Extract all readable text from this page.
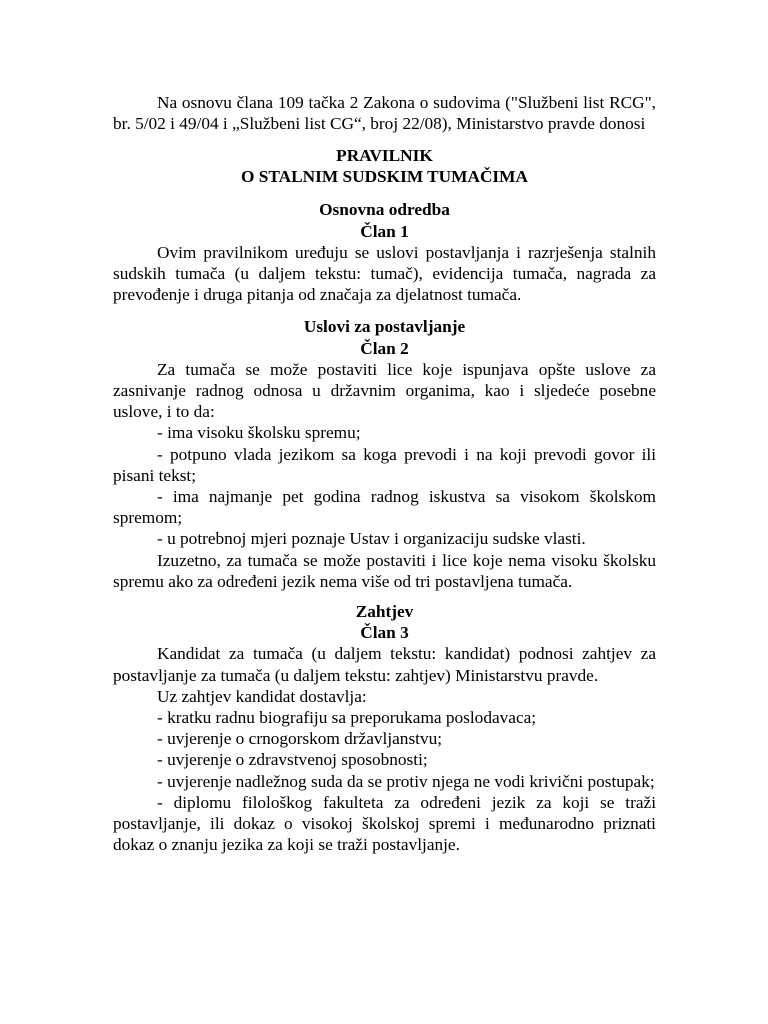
Na osnovu člana 109 tačka 2 Zakona o sudovima ("Službeni list RCG", br. 5/02 i 49/04 i „Službeni list CG“, broj 22/08), Ministarstvo pravde donosi

PRAVILNIK

O STALNIM SUDSKIM TUMAČIMA

Osnovna odredba

Član 1

Ovim pravilnikom uređuju se uslovi postavljanja i razrješenja stalnih sudskih tumača (u daljem tekstu: tumač), evidencija tumača, nagrada za prevođenje i druga pitanja od značaja za djelatnost tumača.

Uslovi za postavljanje

Član 2

Za tumača se može postaviti lice koje ispunjava opšte uslove za zasnivanje radnog odnosa u državnim organima, kao i sljedeće posebne uslove, i to da:

- ima visoku školsku spremu;

- potpuno vlada jezikom sa koga prevodi i na koji prevodi govor ili pisani tekst;

- ima najmanje pet godina radnog iskustva sa visokom školskom spremom;

- u potrebnoj mjeri poznaje Ustav i organizaciju sudske vlasti.

Izuzetno, za tumača se može postaviti i lice koje nema visoku školsku spremu ako za određeni jezik nema više od tri postavljena tumača.

Zahtjev

Član 3

Kandidat za tumača (u daljem tekstu: kandidat) podnosi zahtjev za postavljanje za tumača (u daljem tekstu: zahtjev) Ministarstvu pravde.

Uz zahtjev kandidat dostavlja:

- kratku radnu biografiju sa preporukama poslodavaca;

- uvjerenje o crnogorskom državljanstvu;

- uvjerenje o zdravstvenoj sposobnosti;

- uvjerenje nadležnog suda da se protiv njega ne vodi krivični postupak;

- diplomu filološkog fakulteta za određeni jezik za koji se traži postavljanje, ili dokaz o visokoj školskoj spremi i međunarodno priznati dokaz o znanju jezika za koji se traži postavljanje.
